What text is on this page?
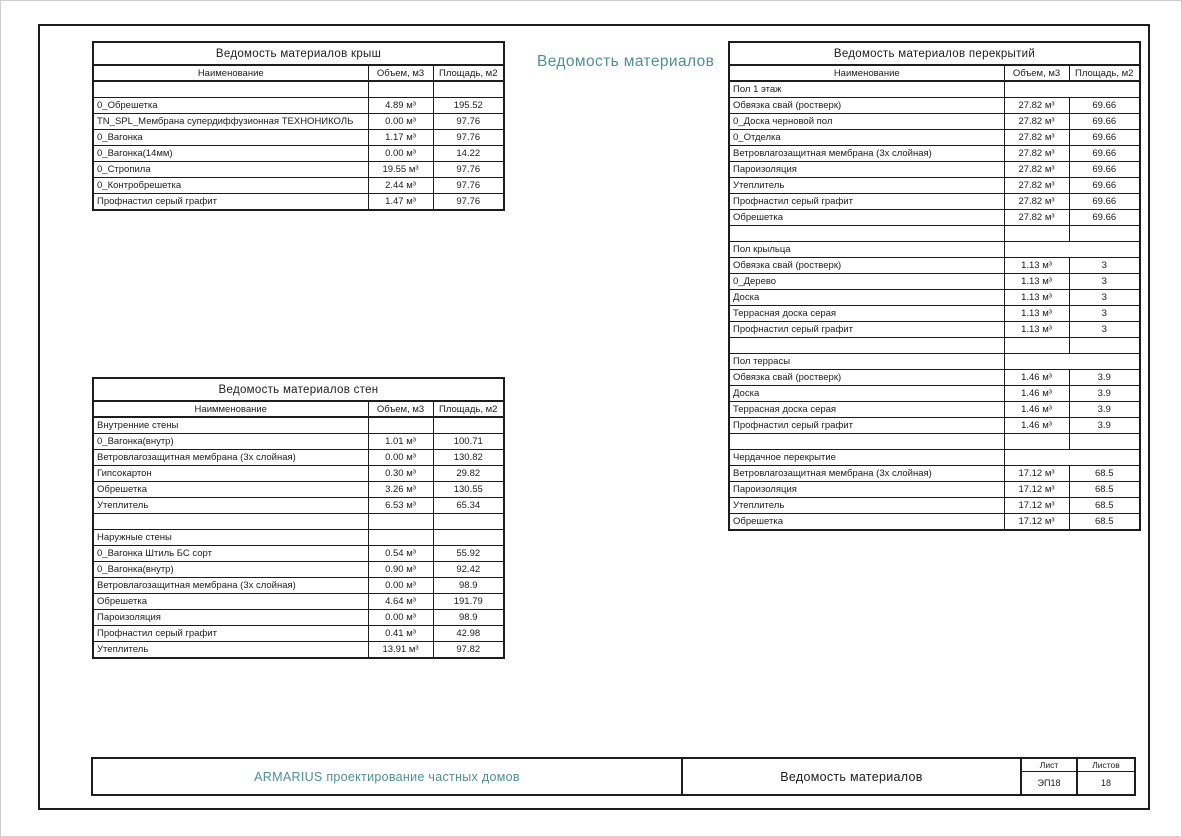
Ведомость материалов
Ведомость материалов крыш		
Наименование	Объем, м3	Площадь, м2

0_Обрешетка	4.89 м³	195.52
TN_SPL_Мембрана супердиффузионная ТЕХНОНИКОЛЬ	0.00 м³	97.76
0_Вагонка	1.17 м³	97.76
0_Вагонка(14мм)	0.00 м³	14.22
0_Стропила	19.55 м³	97.76
0_Контробрешетка	2.44 м³	97.76
Профнастил серый графит	1.47 м³	97.76
Ведомость материалов стен		
Наимменование	Объем, м3	Площадь, м2
Внутренние стены		
0_Вагонка(внутр)	1.01 м³	100.71
Ветровлагозащитная мембрана (3х слойная)	0.00 м³	130.82
Гипсокартон	0.30 м³	29.82
Обрешетка	3.26 м³	130.55
Утеплитель	6.53 м³	65.34

Наружные стены		
0_Вагонка Штиль БС сорт	0.54 м³	55.92
0_Вагонка(внутр)	0.90 м³	92.42
Ветровлагозащитная мембрана (3х слойная)	0.00 м³	98.9
Обрешетка	4.64 м³	191.79
Пароизоляция	0.00 м³	98.9
Профнастил серый графит	0.41 м³	42.98
Утеплитель	13.91 м³	97.82
Ведомость материалов перекрытий		
Наименование	Объем, м3	Площадь, м2
Пол 1 этаж		
Обвязка свай (ростверк)	27.82 м³	69.66
0_Доска черновой пол	27.82 м³	69.66
0_Отделка	27.82 м³	69.66
Ветровлагозащитная мембрана (3х слойная)	27.82 м³	69.66
Пароизоляция	27.82 м³	69.66
Утеплитель	27.82 м³	69.66
Профнастил серый графит	27.82 м³	69.66
Обрешетка	27.82 м³	69.66

Пол крыльца		
Обвязка свай (ростверк)	1.13 м³	3
0_Дерево	1.13 м³	3
Доска	1.13 м³	3
Террасная доска серая	1.13 м³	3
Профнастил серый графит	1.13 м³	3

Пол террасы		
Обвязка свай (ростверк)	1.46 м³	3.9
Доска	1.46 м³	3.9
Террасная доска серая	1.46 м³	3.9
Профнастил серый графит	1.46 м³	3.9

Чердачное перекрытие		
Ветровлагозащитная мембрана (3х слойная)	17.12 м³	68.5
Пароизоляция	17.12 м³	68.5
Утеплитель	17.12 м³	68.5
Обрешетка	17.12 м³	68.5
ARMARIUS проектирование частных домов	Ведомость материалов
Лист	Листов
ЭП18	18
